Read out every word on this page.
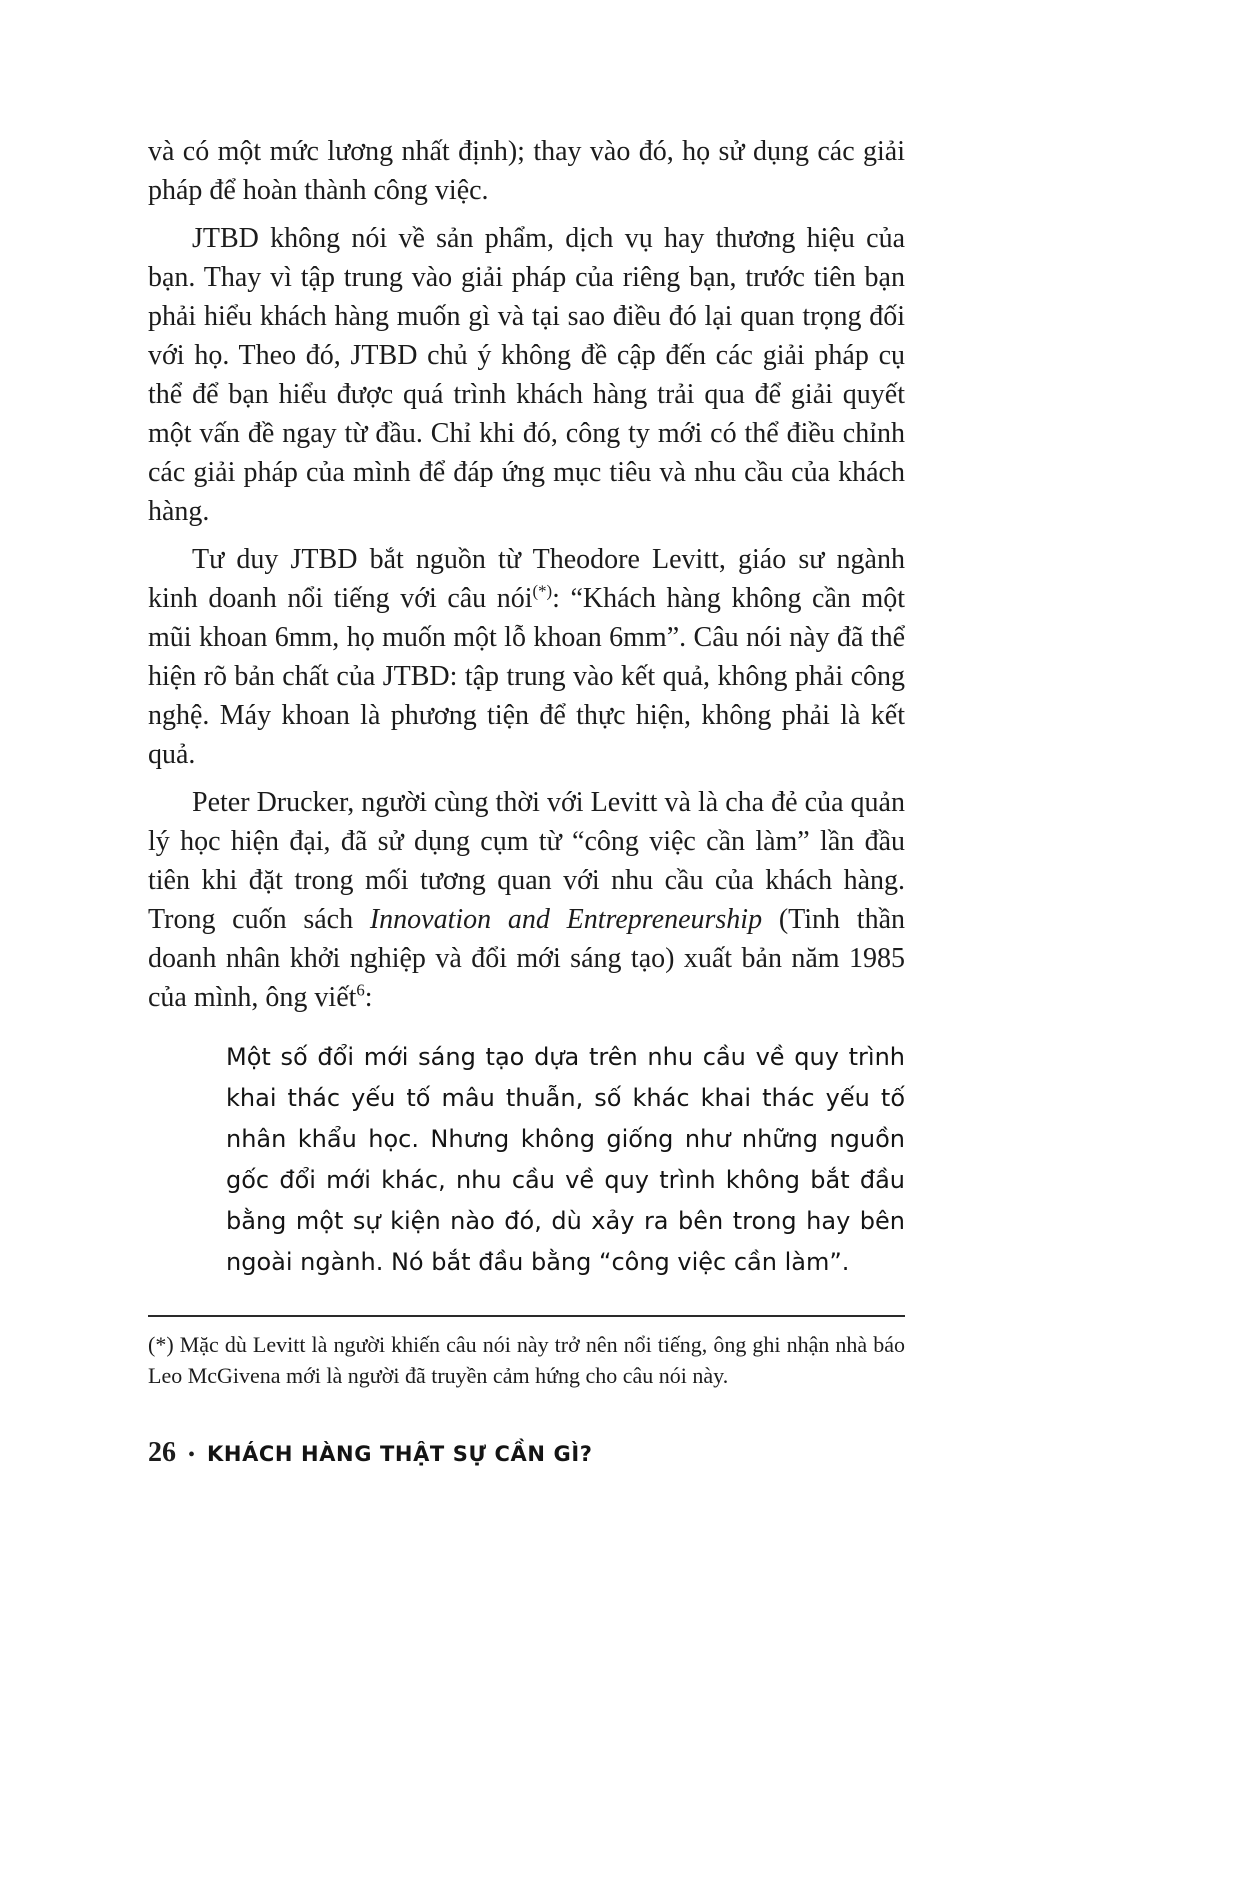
và có một mức lương nhất định); thay vào đó, họ sử dụng các giải pháp để hoàn thành công việc.

JTBD không nói về sản phẩm, dịch vụ hay thương hiệu của bạn. Thay vì tập trung vào giải pháp của riêng bạn, trước tiên bạn phải hiểu khách hàng muốn gì và tại sao điều đó lại quan trọng đối với họ. Theo đó, JTBD chủ ý không đề cập đến các giải pháp cụ thể để bạn hiểu được quá trình khách hàng trải qua để giải quyết một vấn đề ngay từ đầu. Chỉ khi đó, công ty mới có thể điều chỉnh các giải pháp của mình để đáp ứng mục tiêu và nhu cầu của khách hàng.

Tư duy JTBD bắt nguồn từ Theodore Levitt, giáo sư ngành kinh doanh nổi tiếng với câu nói(*): “Khách hàng không cần một mũi khoan 6mm, họ muốn một lỗ khoan 6mm”. Câu nói này đã thể hiện rõ bản chất của JTBD: tập trung vào kết quả, không phải công nghệ. Máy khoan là phương tiện để thực hiện, không phải là kết quả.

Peter Drucker, người cùng thời với Levitt và là cha đẻ của quản lý học hiện đại, đã sử dụng cụm từ “công việc cần làm” lần đầu tiên khi đặt trong mối tương quan với nhu cầu của khách hàng. Trong cuốn sách Innovation and Entrepreneurship (Tinh thần doanh nhân khởi nghiệp và đổi mới sáng tạo) xuất bản năm 1985 của mình, ông viết$^6$:

Một số đổi mới sáng tạo dựa trên nhu cầu về quy trình khai thác yếu tố mâu thuẫn, số khác khai thác yếu tố nhân khẩu học. Nhưng không giống như những nguồn gốc đổi mới khác, nhu cầu về quy trình không bắt đầu bằng một sự kiện nào đó, dù xảy ra bên trong hay bên ngoài ngành. Nó bắt đầu bằng “công việc cần làm”.

(*) Mặc dù Levitt là người khiến câu nói này trở nên nổi tiếng, ông ghi nhận nhà báo Leo McGivena mới là người đã truyền cảm hứng cho câu nói này.

26 • KHÁCH HÀNG THẬT SỰ CẦN GÌ?
